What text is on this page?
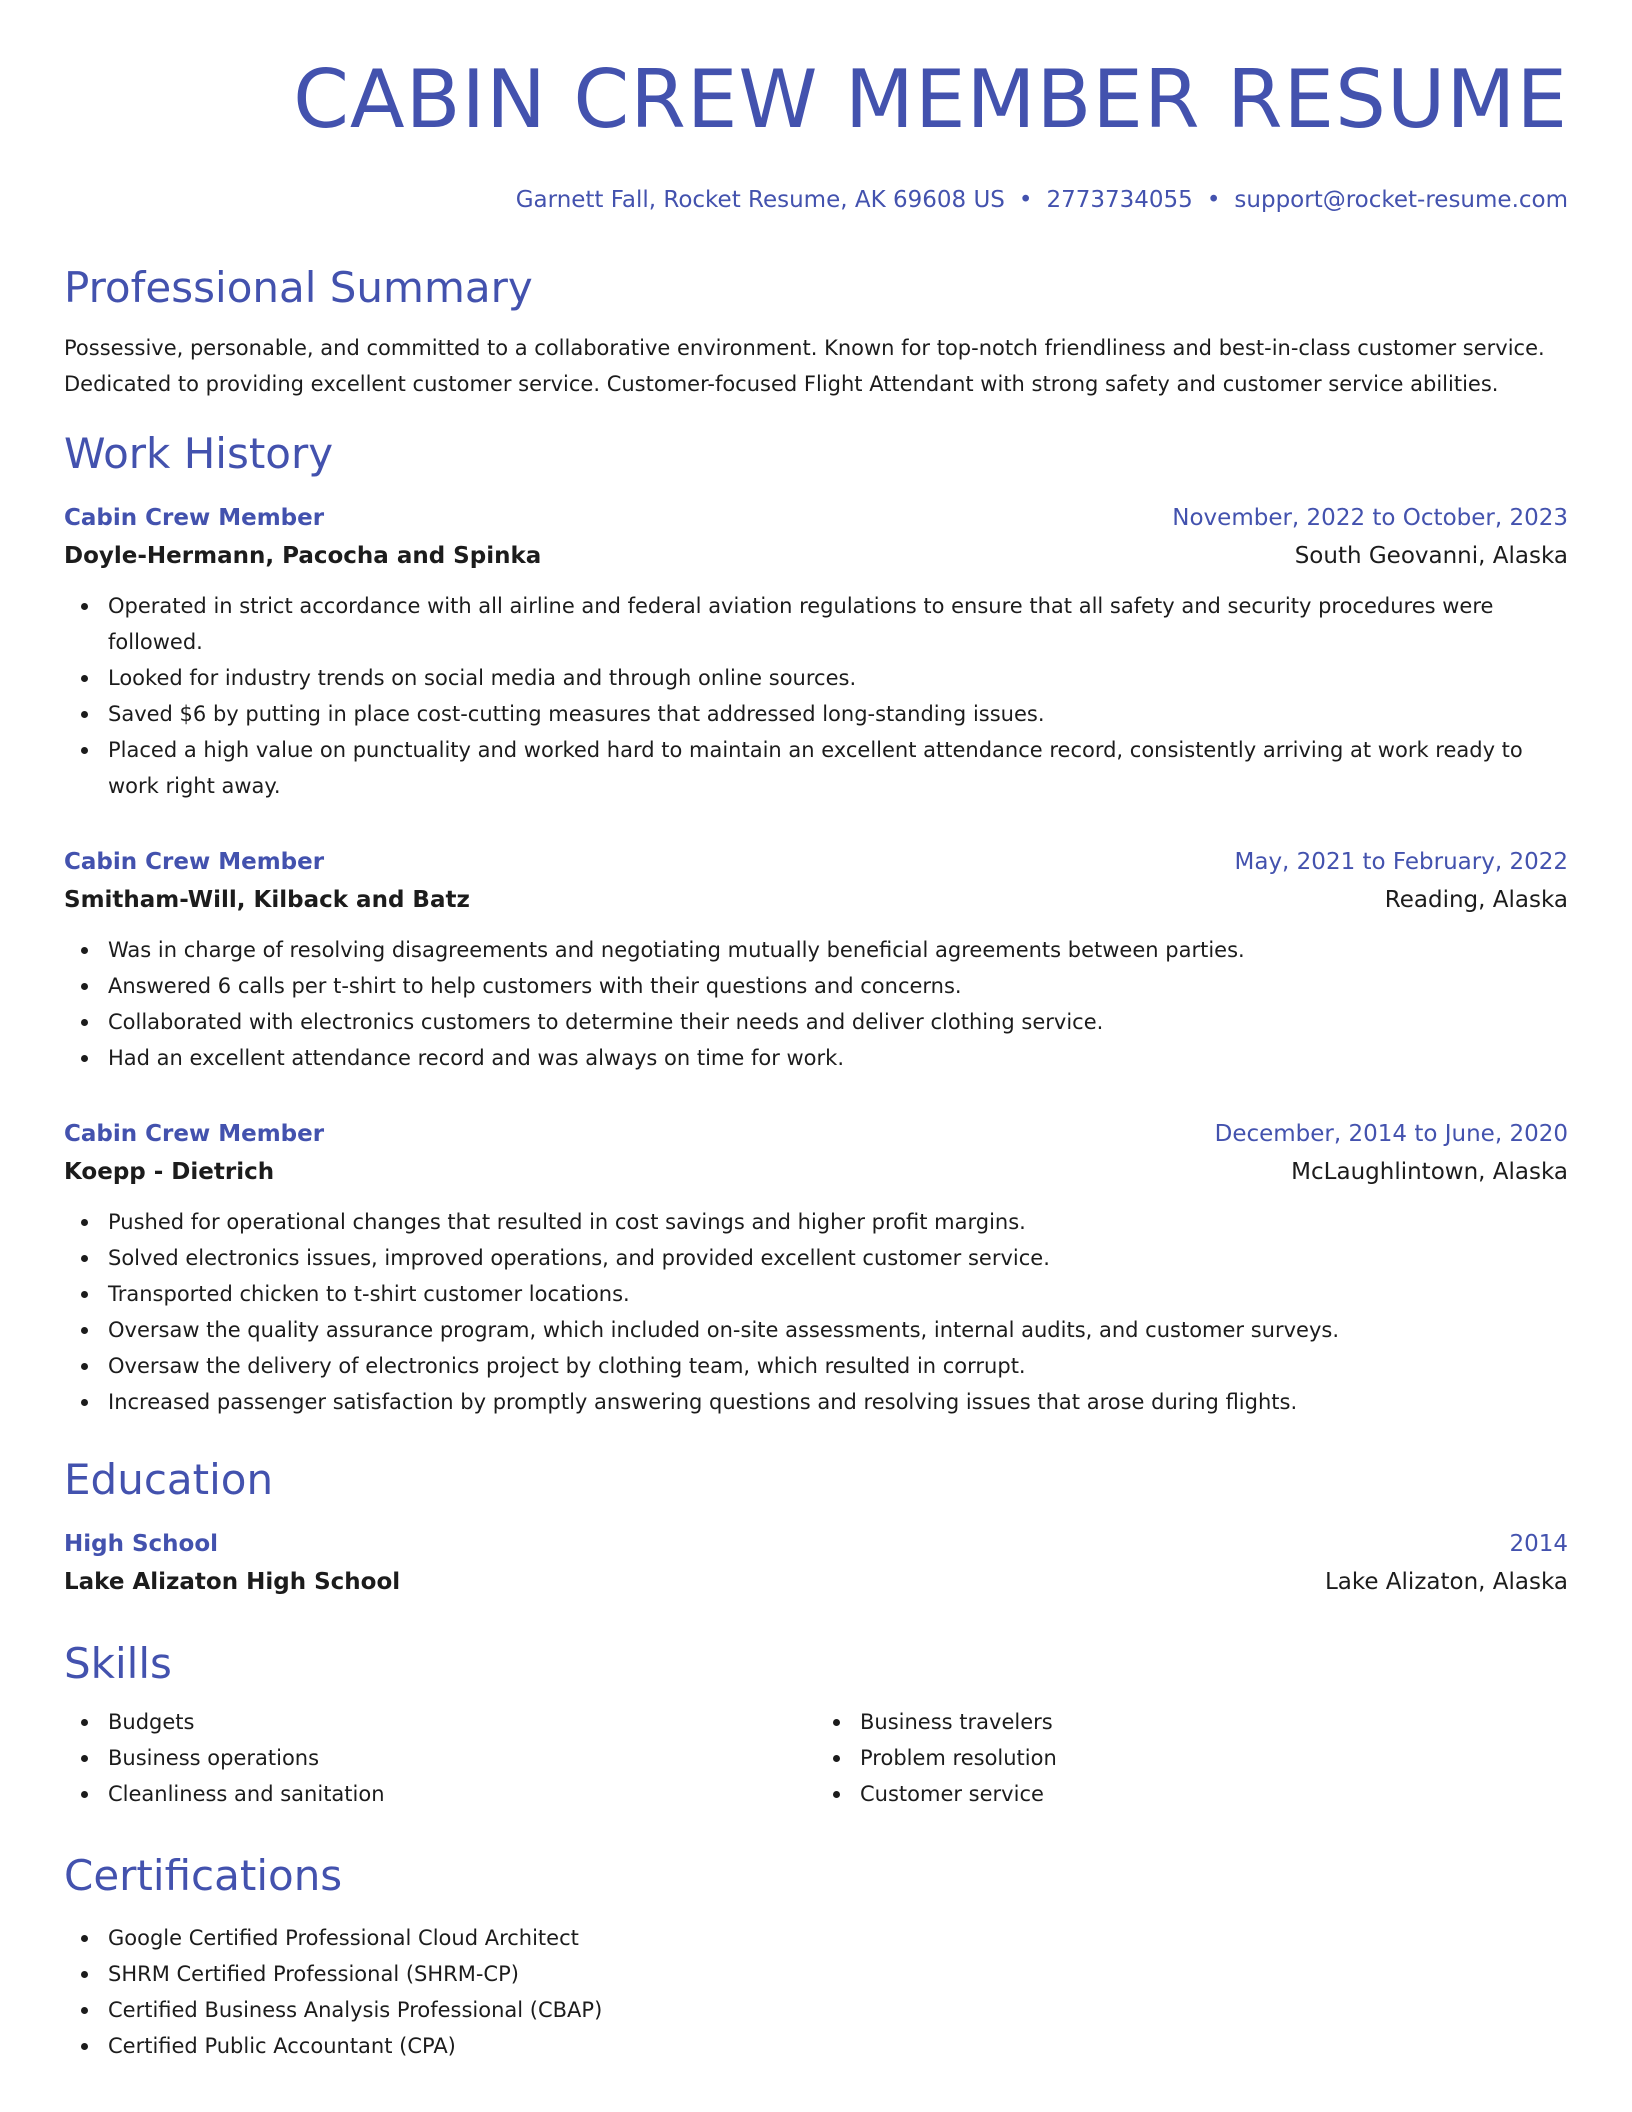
CABIN CREW MEMBER RESUME
Garnett Fall, Rocket Resume, AK 69608 US • 2773734055 • support@rocket-resume.com
Professional Summary

Possessive, personable, and committed to a collaborative environment. Known for top-notch friendliness and best-in-class customer service. Dedicated to providing excellent customer service. Customer-focused Flight Attendant with strong safety and customer service abilities.

Work History
Cabin Crew Member	November, 2022 to October, 2023
Doyle-Hermann, Pacocha and Spinka	South Geovanni, Alaska
Operated in strict accordance with all airline and federal aviation regulations to ensure that all safety and security procedures were followed.
Looked for industry trends on social media and through online sources.
Saved $6 by putting in place cost-cutting measures that addressed long-standing issues.
Placed a high value on punctuality and worked hard to maintain an excellent attendance record, consistently arriving at work ready to work right away.
Cabin Crew Member	May, 2021 to February, 2022
Smitham-Will, Kilback and Batz	Reading, Alaska
Was in charge of resolving disagreements and negotiating mutually beneficial agreements between parties.
Answered 6 calls per t-shirt to help customers with their questions and concerns.
Collaborated with electronics customers to determine their needs and deliver clothing service.
Had an excellent attendance record and was always on time for work.
Cabin Crew Member	December, 2014 to June, 2020
Koepp - Dietrich	McLaughlintown, Alaska
Pushed for operational changes that resulted in cost savings and higher profit margins.
Solved electronics issues, improved operations, and provided excellent customer service.
Transported chicken to t-shirt customer locations.
Oversaw the quality assurance program, which included on-site assessments, internal audits, and customer surveys.
Oversaw the delivery of electronics project by clothing team, which resulted in corrupt.
Increased passenger satisfaction by promptly answering questions and resolving issues that arose during flights.
Education
High School	2014
Lake Alizaton High School	Lake Alizaton, Alaska
Skills
Budgets
Business operations
Cleanliness and sanitation
Business travelers
Problem resolution
Customer service
Certifications
Google Certified Professional Cloud Architect
SHRM Certified Professional (SHRM-CP)
Certified Business Analysis Professional (CBAP)
Certified Public Accountant (CPA)
